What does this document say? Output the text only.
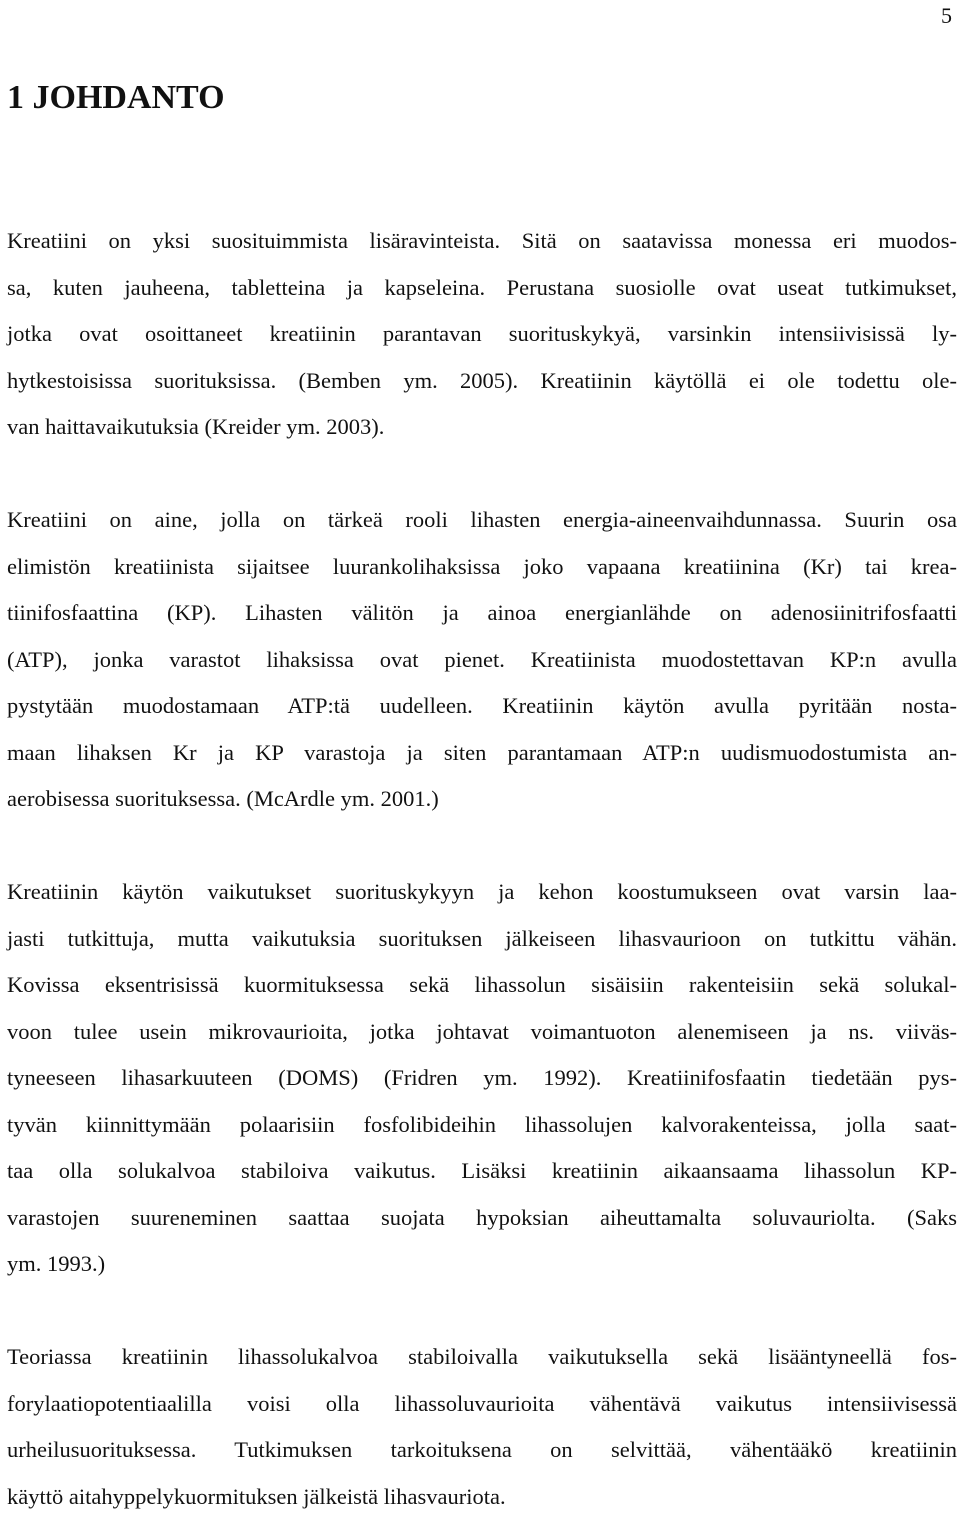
5
1 JOHDANTO

Kreatiini on yksi suosituimmista lisäravinteista. Sitä on saatavissa monessa eri muodos-
sa, kuten jauheena, tabletteina ja kapseleina. Perustana suosiolle ovat useat tutkimukset,
jotka ovat osoittaneet kreatiinin parantavan suorituskykyä, varsinkin intensiivisissä ly-
hytkestoisissa suorituksissa. (Bemben ym. 2005). Kreatiinin käytöllä ei ole todettu ole-
van haittavaikutuksia (Kreider ym. 2003).

Kreatiini on aine, jolla on tärkeä rooli lihasten energia-aineenvaihdunnassa. Suurin osa
elimistön kreatiinista sijaitsee luurankolihaksissa joko vapaana kreatiinina (Kr) tai krea-
tiinifosfaattina (KP). Lihasten välitön ja ainoa energianlähde on adenosiinitrifosfaatti
(ATP), jonka varastot lihaksissa ovat pienet. Kreatiinista muodostettavan KP:n avulla
pystytään muodostamaan ATP:tä uudelleen. Kreatiinin käytön avulla pyritään nosta-
maan lihaksen Kr ja KP varastoja ja siten parantamaan ATP:n uudismuodostumista an-
aerobisessa suorituksessa. (McArdle ym. 2001.)

Kreatiinin käytön vaikutukset suorituskykyyn ja kehon koostumukseen ovat varsin laa-
jasti tutkittuja, mutta vaikutuksia suorituksen jälkeiseen lihasvaurioon on tutkittu vähän.
Kovissa eksentrisissä kuormituksessa sekä lihassolun sisäisiin rakenteisiin sekä solukal-
voon tulee usein mikrovaurioita, jotka johtavat voimantuoton alenemiseen ja ns. viiväs-
tyneeseen lihasarkuuteen (DOMS) (Fridren ym. 1992). Kreatiinifosfaatin tiedetään pys-
tyvän kiinnittymään polaarisiin fosfolibideihin lihassolujen kalvorakenteissa, jolla saat-
taa olla solukalvoa stabiloiva vaikutus. Lisäksi kreatiinin aikaansaama lihassolun KP-
varastojen suureneminen saattaa suojata hypoksian aiheuttamalta soluvauriolta. (Saks
ym. 1993.)

Teoriassa kreatiinin lihassolukalvoa stabiloivalla vaikutuksella sekä lisääntyneellä fos-
forylaatiopotentiaalilla voisi olla lihassoluvaurioita vähentävä vaikutus intensiivisessä
urheilusuorituksessa. Tutkimuksen tarkoituksena on selvittää, vähentääkö kreatiinin
käyttö aitahyppelykuormituksen jälkeistä lihasvauriota.
